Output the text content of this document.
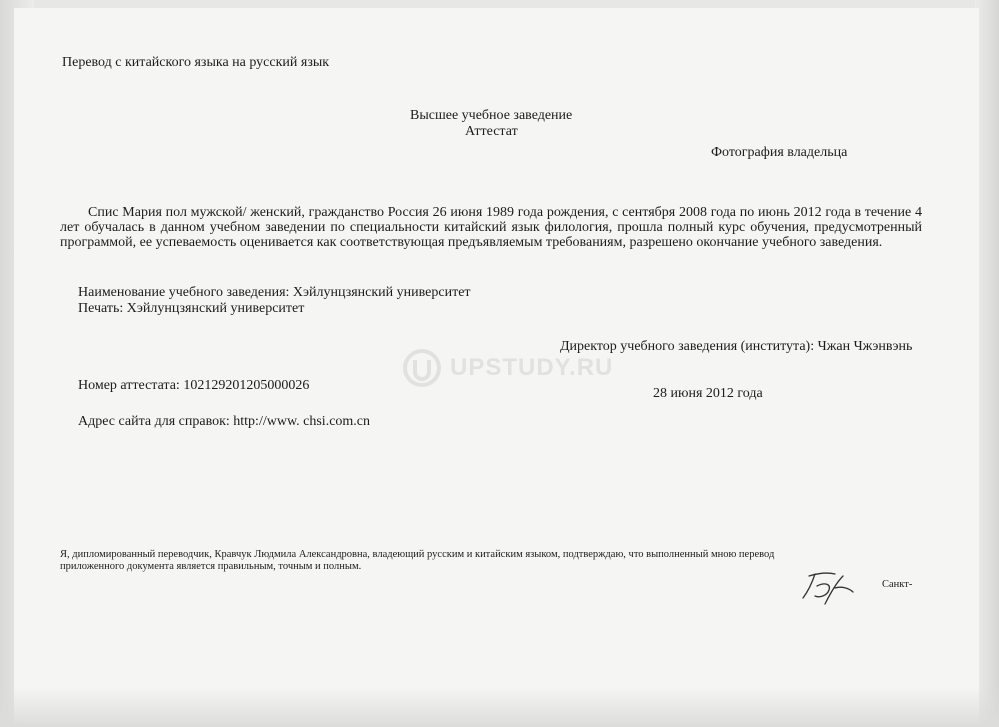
Перевод с китайского языка на русский язык
Высшее учебное заведение
Аттестат
Фотография владельца
Спис Мария пол мужской/ женский, гражданство Россия 26 июня 1989 года рождения, с сентября 2008 года по июнь 2012 года в течение 4 лет обучалась в данном учебном заведении по специальности китайский язык филология, прошла полный курс обучения, предусмотренный программой, ее успеваемость оценивается как соответствующая предъявляемым требованиям, разрешено окончание учебного заведения.
Наименование учебного заведения: Хэйлунцзянский университет
Печать: Хэйлунцзянский университет
Директор учебного заведения (института): Чжан Чжэнвэнь
UPSTUDY.RU
Номер аттестата: 102129201205000026
28 июня 2012 года
Адрес сайта для справок: http://www. chsi.com.cn
Я, дипломированный переводчик, Кравчук Людмила Александровна, владеющий русским и китайским языком, подтверждаю, что выполненный мною перевод
приложенного документа является правильным, точным и полным.
Санкт-
